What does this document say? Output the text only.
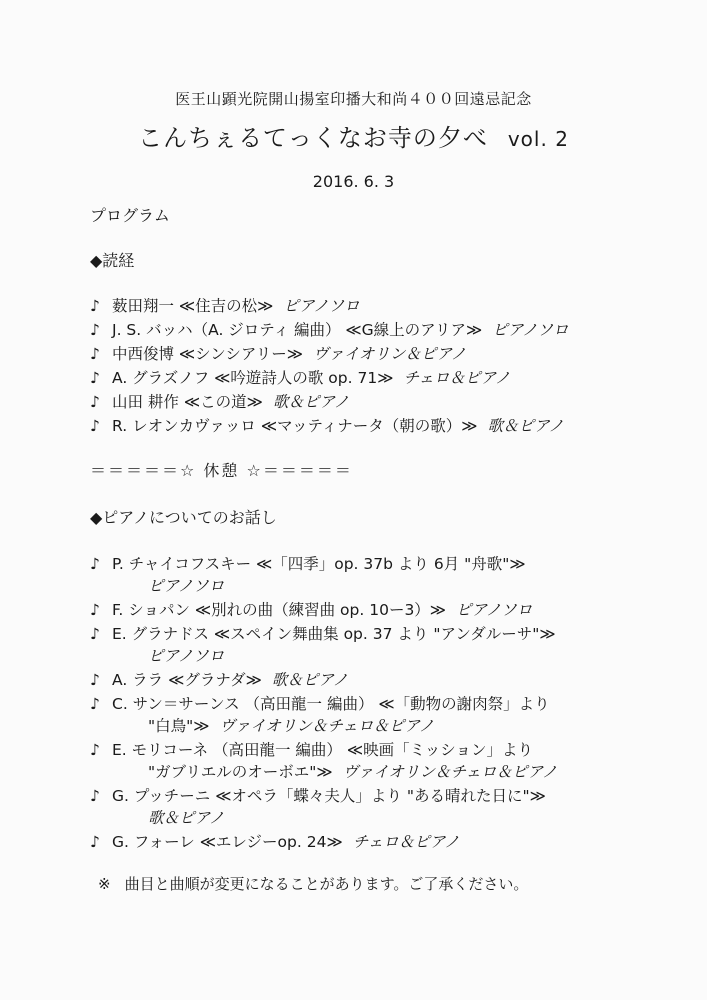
医王山顕光院開山揚室印播大和尚４００回遠忌記念
こんちぇるてっくなお寺の夕べ vol. 2
2016. 6. 3
プログラム
◆読経
♪ 薮田翔一 ≪住吉の松≫ ピアノソロ
♪ J. S. バッハ（A. ジロティ 編曲） ≪G線上のアリア≫ ピアノソロ
♪ 中西俊博 ≪シンシアリー≫ ヴァイオリン＆ピアノ
♪ A. グラズノフ ≪吟遊詩人の歌 op. 71≫ チェロ＆ピアノ
♪ 山田 耕作 ≪この道≫ 歌＆ピアノ
♪ R. レオンカヴァッロ ≪マッティナータ（朝の歌）≫ 歌＆ピアノ
＝＝＝＝＝☆ 休憩 ☆＝＝＝＝＝
◆ピアノについてのお話し
♪ P. チャイコフスキー ≪「四季」op. 37b より 6月 "舟歌"≫
ピアノソロ
♪ F. ショパン ≪別れの曲（練習曲 op. 10ー3）≫ ピアノソロ
♪ E. グラナドス ≪スペイン舞曲集 op. 37 より "アンダルーサ"≫
ピアノソロ
♪ A. ララ ≪グラナダ≫ 歌＆ピアノ
♪ C. サン＝サーンス （高田龍一 編曲） ≪「動物の謝肉祭」より
"白鳥"≫ ヴァイオリン＆チェロ＆ピアノ
♪ E. モリコーネ （高田龍一 編曲） ≪映画「ミッション」より
"ガブリエルのオーボエ"≫ ヴァイオリン＆チェロ＆ピアノ
♪ G. プッチーニ ≪オペラ「蝶々夫人」より "ある晴れた日に"≫
歌＆ピアノ
♪ G. フォーレ ≪エレジーop. 24≫ チェロ＆ピアノ
※ 曲目と曲順が変更になることがあります。ご了承ください。
